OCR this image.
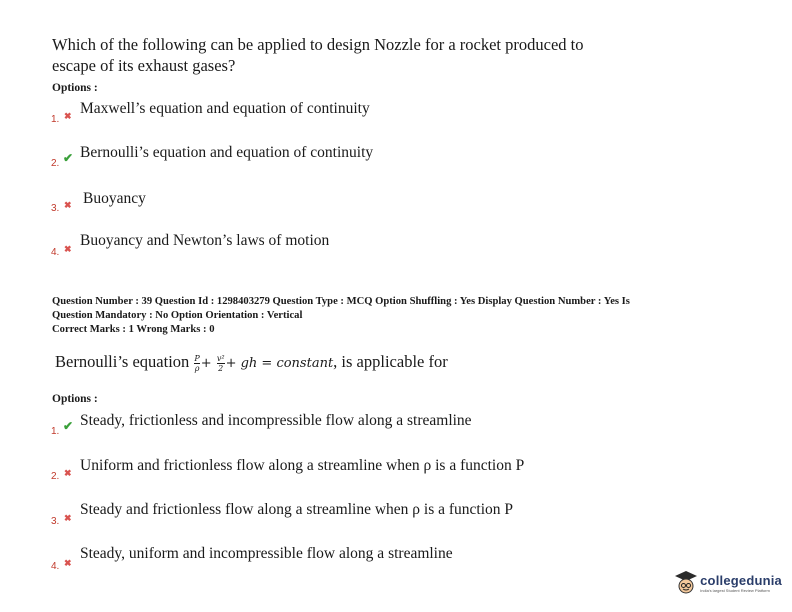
Which of the following can be applied to design Nozzle for a rocket produced to escape of its exhaust gases?
Options :
1. ✖ Maxwell’s equation and equation of continuity
2. ✔ Bernoulli’s equation and equation of continuity
3. ✖ Buoyancy
4. ✖ Buoyancy and Newton’s laws of motion
Question Number : 39 Question Id : 1298403279 Question Type : MCQ Option Shuffling : Yes Display Question Number : Yes Is
Question Mandatory : No Option Orientation : Vertical
Correct Marks : 1 Wrong Marks : 0
Bernoulli’s equation $\frac{P}{\rho} + \frac{\text{v²}}{2}$ + gh = constant, is applicable for
Options :
1. ✔ Steady, frictionless and incompressible flow along a streamline
2. ✖ Uniform and frictionless flow along a streamline when ρ is a function P
3. ✖ Steady and frictionless flow along a streamline when ρ is a function P
4. ✖
Steady, uniform and incompressible flow along a streamline
collegedunia
India's largest Student Review Platform
